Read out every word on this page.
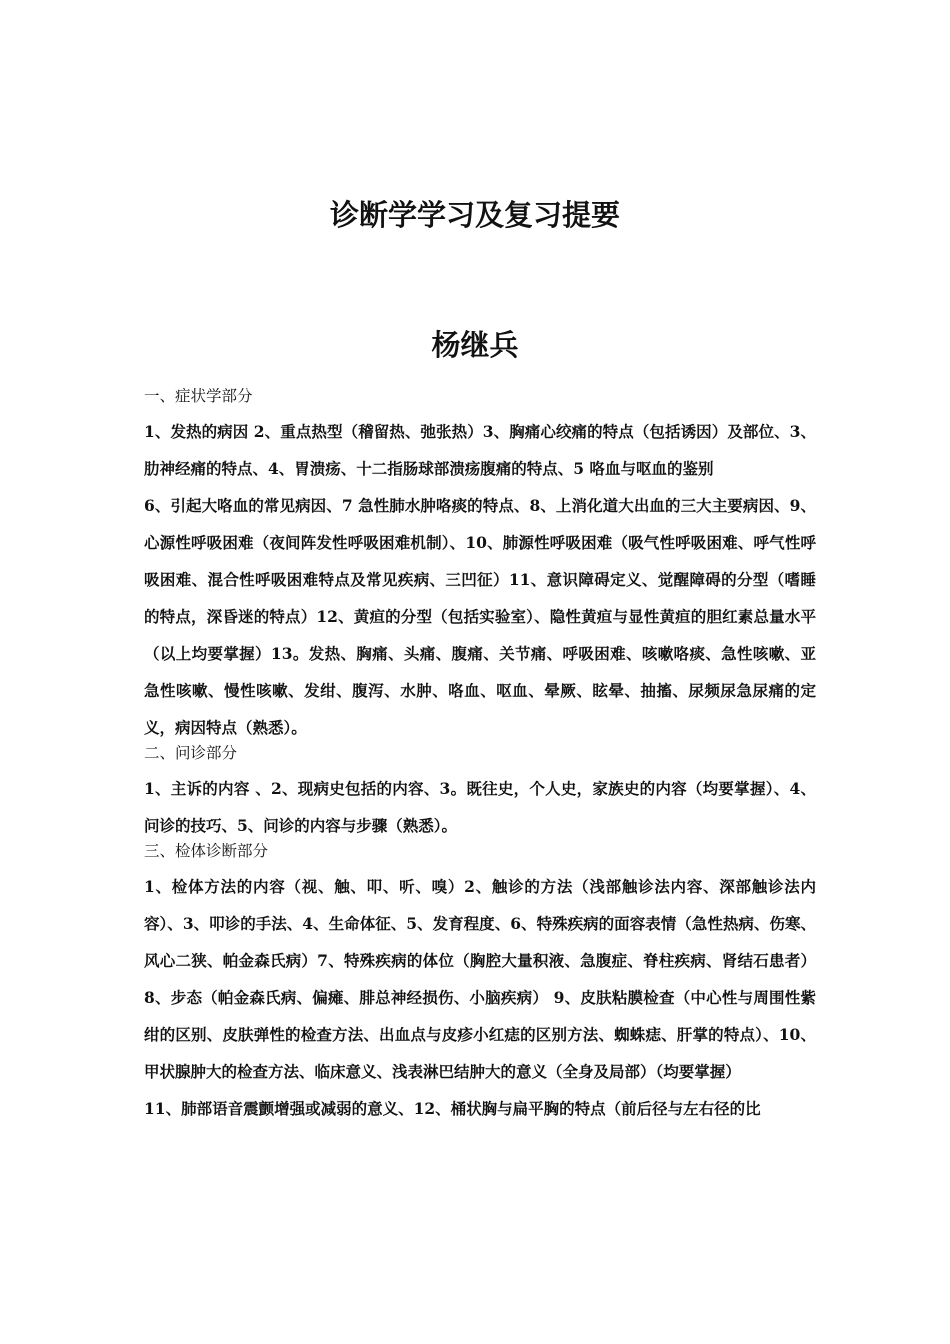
诊断学学习及复习提要
杨继兵
一、症状学部分

1、发热的病因 2、重点热型（稽留热、弛张热）3、胸痛心绞痛的特点（包括诱因）及部位、3、肋神经痛的特点、4、胃溃疡、十二指肠球部溃疡腹痛的特点、5 咯血与呕血的鉴别

6、引起大咯血的常见病因、7 急性肺水肿咯痰的特点、8、上消化道大出血的三大主要病因、9、心源性呼吸困难（夜间阵发性呼吸困难机制）、10、肺源性呼吸困难（吸气性呼吸困难、呼气性呼吸困难、混合性呼吸困难特点及常见疾病、三凹征）11、意识障碍定义、觉醒障碍的分型（嗜睡的特点，深昏迷的特点）12、黄疸的分型（包括实验室）、隐性黄疸与显性黄疸的胆红素总量水平（以上均要掌握）13。发热、胸痛、头痛、腹痛、关节痛、呼吸困难、咳嗽咯痰、急性咳嗽、亚急性咳嗽、慢性咳嗽、发绀、腹泻、水肿、咯血、呕血、晕厥、眩晕、抽搐、尿频尿急尿痛的定义，病因特点（熟悉）。

二、问诊部分

1、主诉的内容 、2、现病史包括的内容、3。既往史，个人史，家族史的内容（均要掌握）、4、问诊的技巧、5、问诊的内容与步骤（熟悉）。

三、检体诊断部分

1、检体方法的内容（视、触、叩、听、嗅）2、触诊的方法（浅部触诊法内容、深部触诊法内容）、3、叩诊的手法、4、生命体征、5、发育程度、6、特殊疾病的面容表情（急性热病、伤寒、风心二狭、帕金森氏病）7、特殊疾病的体位（胸腔大量积液、急腹症、脊柱疾病、肾结石患者）8、步态（帕金森氏病、偏瘫、腓总神经损伤、小脑疾病） 9、皮肤粘膜检查（中心性与周围性紫绀的区别、皮肤弹性的检查方法、出血点与皮疹小红痣的区别方法、蜘蛛痣、肝掌的特点）、10、甲状腺肿大的检查方法、临床意义、浅表淋巴结肿大的意义（全身及局部）（均要掌握）

11、肺部语音震颤增强或减弱的意义、12、桶状胸与扁平胸的特点（前后径与左右径的比
